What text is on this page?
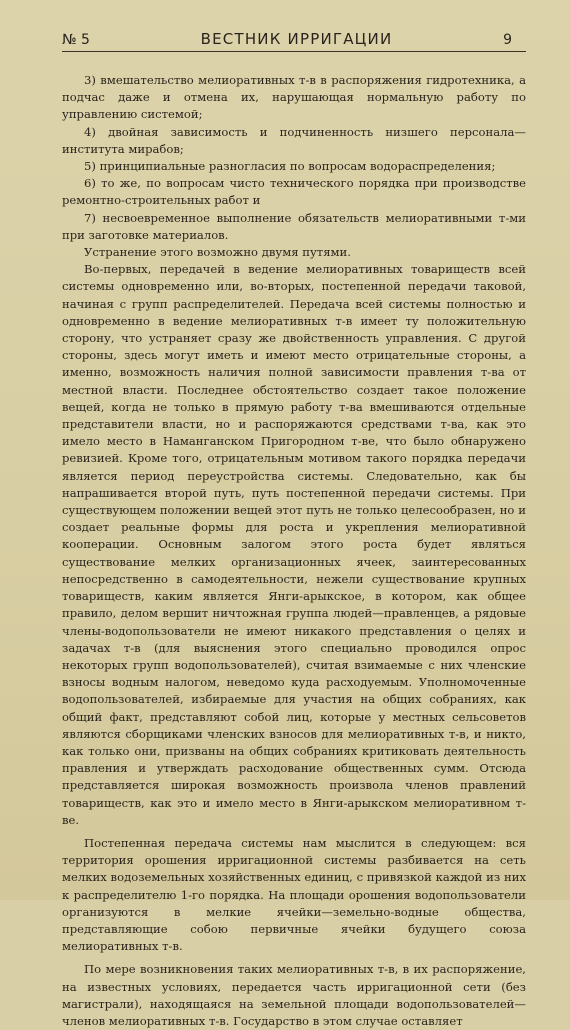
№ 5	ВЕСТНИК ИРРИГАЦИИ	9

3) вмешательство мелиоративных т-в в распоряжения гидротехника, а подчас даже и отмена их, нарушающая нормальную работу по управлению системой;

4) двойная зависимость и подчиненность низшего персонала—института мирабов;

5) принципиальные разногласия по вопросам водораспределения;

6) то же, по вопросам чисто технического порядка при производстве ремонтно-строительных работ и

7) несвоевременное выполнение обязательств мелиоративными т-ми при заготовке материалов.

Устранение этого возможно двумя путями.

Во-первых, передачей в ведение мелиоративных товариществ всей системы одновременно или, во-вторых, постепенной передачи таковой, начиная с групп распределителей. Передача всей системы полностью и одновременно в ведение мелиоративных т-в имеет ту положительную сторону, что устраняет сразу же двойственность управления. С другой стороны, здесь могут иметь и имеют место отрицательные стороны, а именно, возможность наличия полной зависимости правления т-ва от местной власти. Последнее обстоятельство создает такое положение вещей, когда не только в прямую работу т-ва вмешиваются отдельные представители власти, но и распоряжаются средствами т-ва, как это имело место в Наманганском Пригородном т-ве, что было обнаружено ревизией. Кроме того, отрицательным мотивом такого порядка передачи является период переустройства системы. Следовательно, как бы напрашивается второй путь, путь постепенной передачи системы. При существующем положении вещей этот путь не только целесообразен, но и создает реальные формы для роста и укрепления мелиоративной кооперации. Основным залогом этого роста будет являться существование мелких организационных ячеек, заинтересованных непосредственно в самодеятельности, нежели существование крупных товариществ, каким является Янги-арыкское, в котором, как общее правило, делом вершит ничтожная группа людей—правленцев, а рядовые члены-водопользователи не имеют никакого представления о целях и задачах т-в (для выяснения этого специально проводился опрос некоторых групп водопользователей), считая взимаемые с них членские взносы водным налогом, неведомо куда расходуемым. Уполномоченные водопользователей, избираемые для участия на общих собраниях, как общий факт, представляют собой лиц, которые у местных сельсоветов являются сборщиками членских взносов для мелиоративных т-в, и никто, как только они, призваны на общих собраниях критиковать деятельность правления и утверждать расходование общественных сумм. Отсюда представляется широкая возможность произвола членов правлений товариществ, как это и имело место в Янги-арыкском мелиоративном т-ве.

Постепенная передача системы нам мыслится в следующем: вся территория орошения ирригационной системы разбивается на сеть мелких водоземельных хозяйственных единиц, с привязкой каждой из них к распределителю 1-го порядка. На площади орошения водопользователи организуются в мелкие ячейки—земельно-водные общества, представляющие собою первичные ячейки будущего союза мелиоративных т-в.

По мере возникновения таких мелиоративных т-в, в их распоряжение, на известных условиях, передается часть ирригационной сети (без магистрали), находящаяся на земельной площади водопользователей—членов мелиоративных т-в. Государство в этом случае оставляет
